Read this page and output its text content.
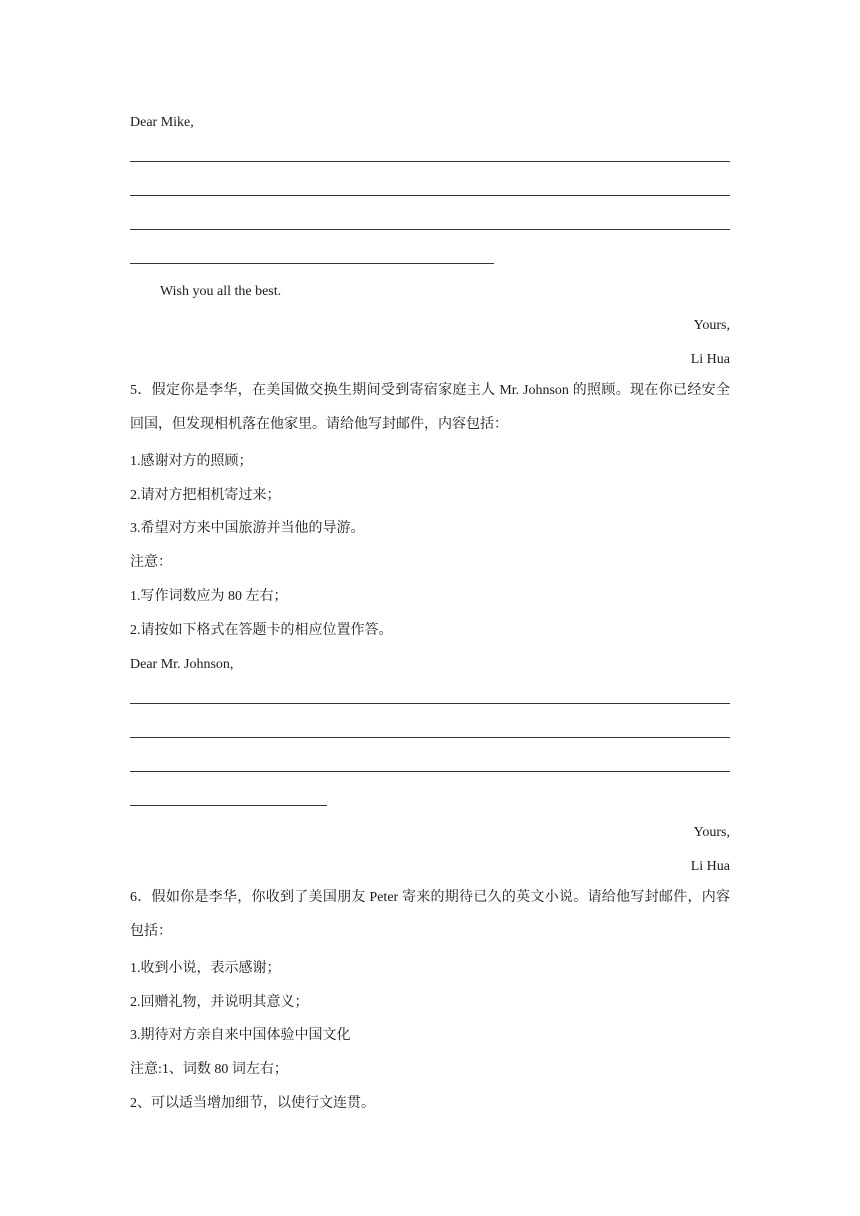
Dear Mike,
Wish you all the best.
Yours,
Li Hua
5．假定你是李华，在美国做交换生期间受到寄宿家庭主人 Mr. Johnson 的照顾。现在你已经安全回国，但发现相机落在他家里。请给他写封邮件，内容包括：
1.感谢对方的照顾；
2.请对方把相机寄过来；
3.希望对方来中国旅游并当他的导游。
注意：
1.写作词数应为 80 左右；
2.请按如下格式在答题卡的相应位置作答。
Dear Mr. Johnson,
Yours,
Li Hua
6．假如你是李华，你收到了美国朋友 Peter 寄来的期待已久的英文小说。请给他写封邮件，内容包括：
1.收到小说，表示感谢；
2.回赠礼物，并说明其意义；
3.期待对方亲自来中国体验中国文化
注意:1、词数 80 词左右；
2、可以适当增加细节，以使行文连贯。
